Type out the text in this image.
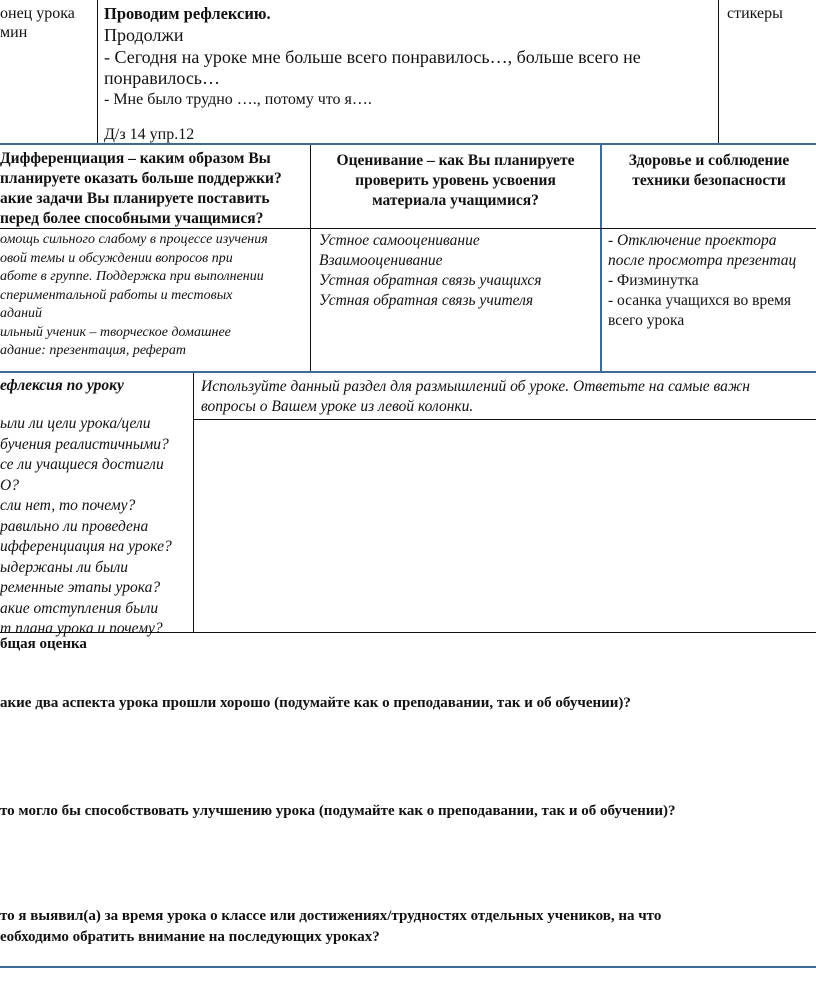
онец урока
мин
Проводим рефлексию.
Продолжи
- Сегодня на уроке мне больше всего понравилось…, больше всего не
понравилось…
- Мне было трудно …., потому что я….
Д/з 14 упр.12
стикеры
Дифференциация – каким образом Вы
планируете оказать больше поддержки?
акие задачи Вы планируете поставить
перед более способными учащимися?
Оценивание – как Вы планируете
проверить уровень усвоения
материала учащимися?
Здоровье и соблюдение
техники безопасности
омощь сильного слабому в процессе изучения
овой темы и обсуждении вопросов при
аботе в группе. Поддержка при выполнении
спериментальной работы и тестовых
аданий
ильный ученик – творческое домашнее
адание: презентация, реферат
Устное самооценивание
Взаимооценивание
Устная обратная связь учащихся
Устная обратная связь учителя
- Отключение проектора
после просмотра презентац
- Физминутка
- осанка учащихся во время
всего урока
ефлексия по уроку
ыли ли цели урока/цели
бучения реалистичными?
се ли учащиеся достигли
О?
сли нет, то почему?
равильно ли проведена
ифференциация на уроке?
ыдержаны ли были
ременные этапы урока?
акие отступления были
т плана урока и почему?
Используйте данный раздел для размышлений об уроке. Ответьте на самые важн
вопросы о Вашем уроке из левой колонки.
бщая оценка
акие два аспекта урока прошли хорошо (подумайте как о преподавании, так и об обучении)?
то могло бы способствовать улучшению урока (подумайте как о преподавании, так и об обучении)?
то я выявил(а) за время урока о классе или достижениях/трудностях отдельных учеников, на что
еобходимо обратить внимание на последующих уроках?
